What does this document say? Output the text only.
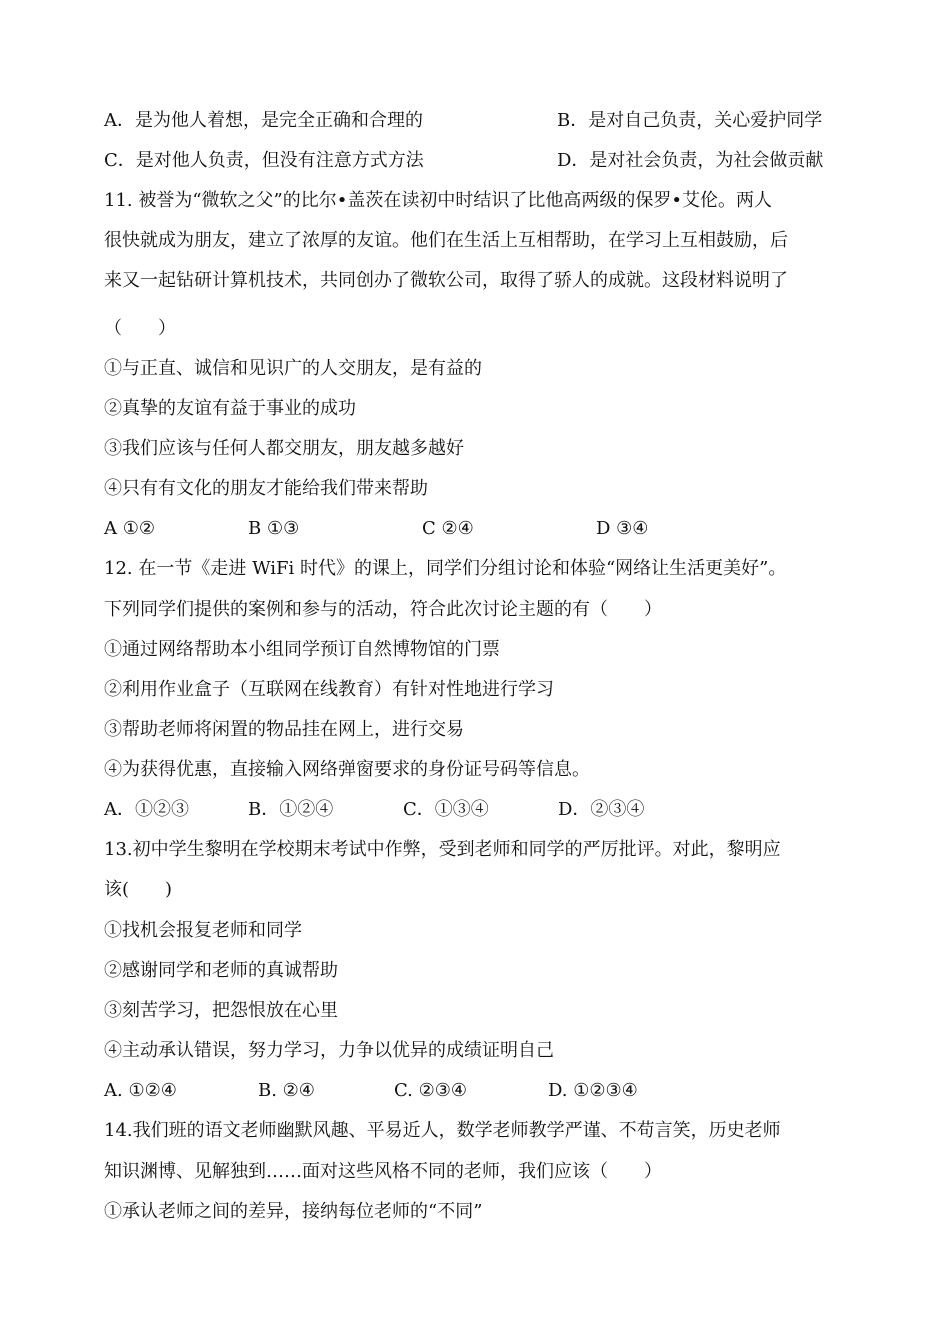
A．是为他人着想，是完全正确和合理的	B．是对自己负责，关心爱护同学
C．是对他人负责，但没有注意方式方法	D．是对社会负责，为社会做贡献
11. 被誉为“微软之父”的比尔•盖茨在读初中时结识了比他高两级的保罗•艾伦。两人
很快就成为朋友，建立了浓厚的友谊。他们在生活上互相帮助，在学习上互相鼓励，后
来又一起钻研计算机技术，共同创办了微软公司，取得了骄人的成就。这段材料说明了
（　　）
①与正直、诚信和见识广的人交朋友，是有益的
②真挚的友谊有益于事业的成功
③我们应该与任何人都交朋友，朋友越多越好
④只有有文化的朋友才能给我们带来帮助
A ①②	B ①③	C ②④	D ③④
12. 在一节《走进 WiFi 时代》的课上，同学们分组讨论和体验“网络让生活更美好”。
下列同学们提供的案例和参与的活动，符合此次讨论主题的有（　　）
①通过网络帮助本小组同学预订自然博物馆的门票
②利用作业盒子（互联网在线教育）有针对性地进行学习
③帮助老师将闲置的物品挂在网上，进行交易
④为获得优惠，直接输入网络弹窗要求的身份证号码等信息。
A．①②③	B．①②④	C．①③④	D．②③④
13.初中学生黎明在学校期末考试中作弊，受到老师和同学的严厉批评。对此，黎明应
该(　　)
①找机会报复老师和同学
②感谢同学和老师的真诚帮助
③刻苦学习，把怨恨放在心里
④主动承认错误，努力学习，力争以优异的成绩证明自己
A. ①②④	B. ②④	C. ②③④	D. ①②③④
14.我们班的语文老师幽默风趣、平易近人，数学老师教学严谨、不苟言笑，历史老师
知识渊博、见解独到……面对这些风格不同的老师，我们应该（　　）
①承认老师之间的差异，接纳每位老师的“不同”
